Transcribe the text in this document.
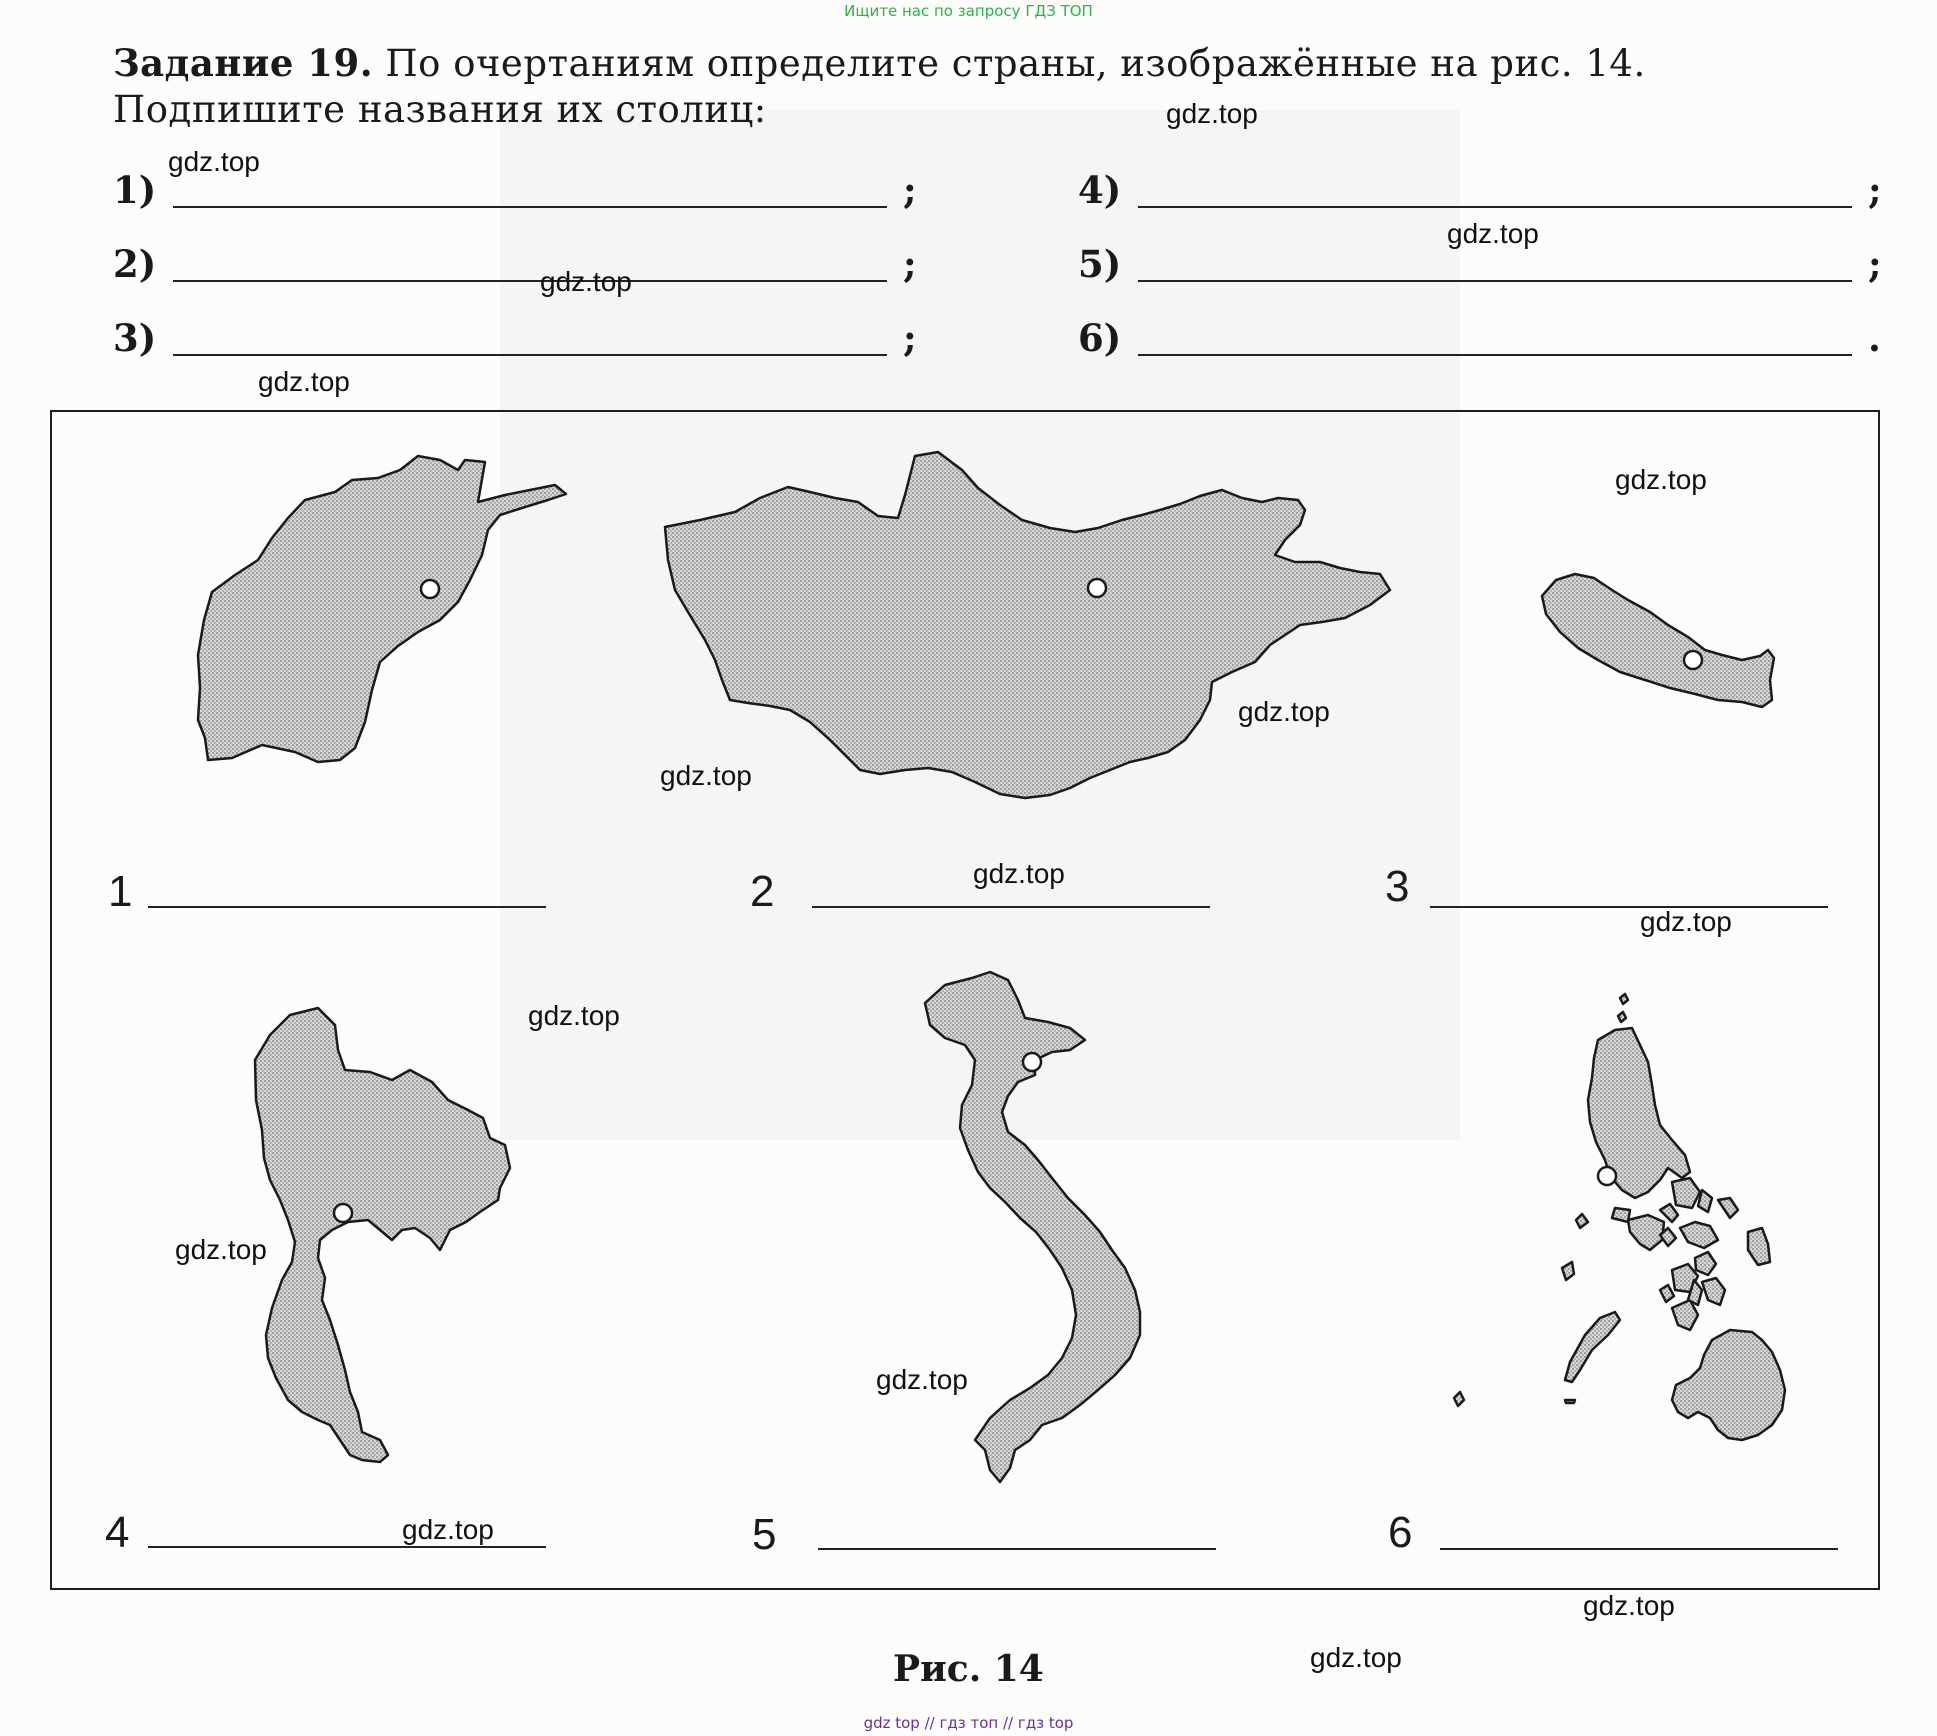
Ищите нас по запросу ГДЗ ТОП
Задание 19. По очертаниям определите страны, изображённые на рис. 14.
Подпишите названия их столиц:
1)	;
2)	;
3)	;
4)	;
5)	;
6)	.
1	2	3
4	5	6
Рис. 14
gdz.top
gdz.top
gdz.top
gdz.top
gdz.top
gdz.top
gdz.top
gdz.top
gdz.top
gdz.top
gdz.top
gdz.top
gdz.top
gdz.top
gdz.top
gdz.top
gdz top // гдз топ // гдз top
